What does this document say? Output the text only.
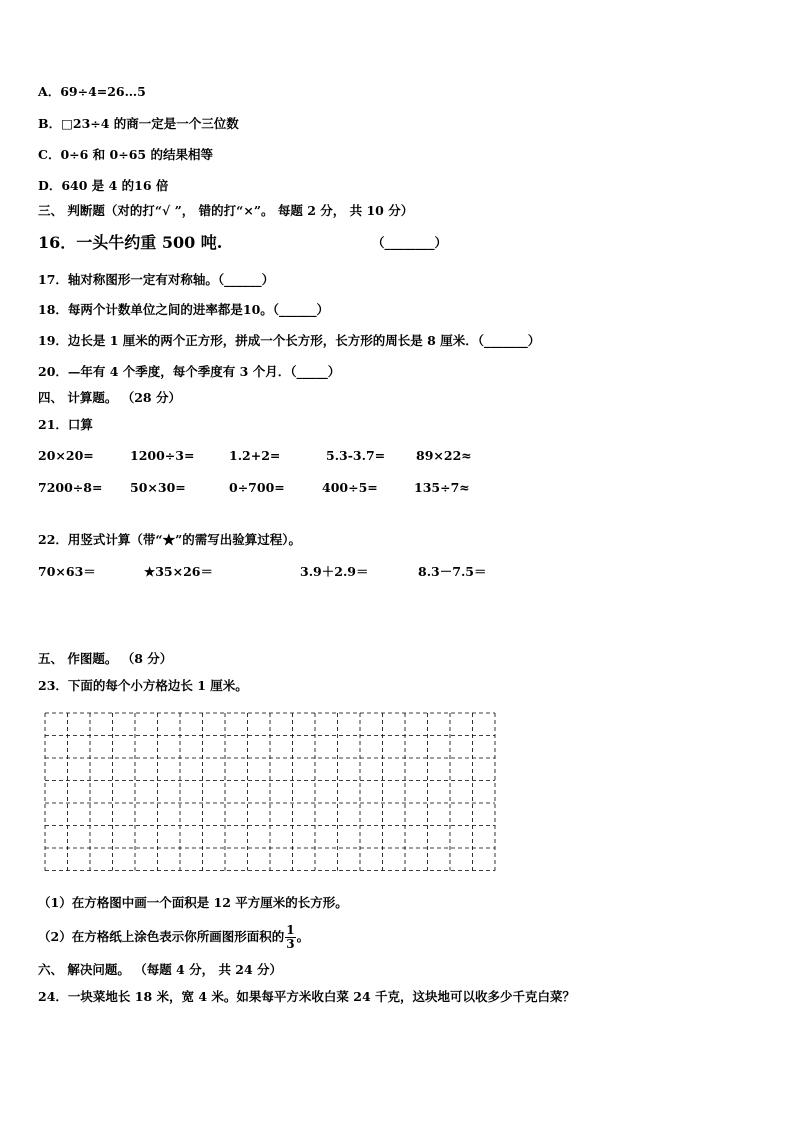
A．69÷4=26…5
B．□23÷4 的商一定是一个三位数
C．0÷6 和 0÷65 的结果相等
D．640 是 4 的16 倍
三、 判断题（对的打“√ ”， 错的打“×”。 每题 2 分， 共 10 分）
16．一头牛约重 500 吨.	（________）
17．轴对称图形一定有对称轴。（______）
18．每两个计数单位之间的进率都是10。（______）
19．边长是 1 厘米的两个正方形，拼成一个长方形，长方形的周长是 8 厘米．（_______）
20．—年有 4 个季度，每个季度有 3 个月．（_____）
四、 计算题。 （28 分）
21．口算
20×20=	1200÷3=	1.2+2=	5.3-3.7= 89×22≈
7200÷8= 50×30=	0÷700=	400÷5=	135÷7≈
22．用竖式计算（带“★”的需写出验算过程）。
70×63＝	★35×26＝	3.9＋2.9＝	8.3－7.5＝
五、 作图题。 （8 分）
23．下面的每个小方格边长 1 厘米。
（1）在方格图中画一个面积是 12 平方厘米的长方形。
（2）在方格纸上涂色表示你所画图形面积的 $\frac{1}{3}$ 。
六、 解决问题。 （每题 4 分， 共 24 分）
24．一块菜地长 18 米，宽 4 米。如果每平方米收白菜 24 千克，这块地可以收多少千克白菜？
